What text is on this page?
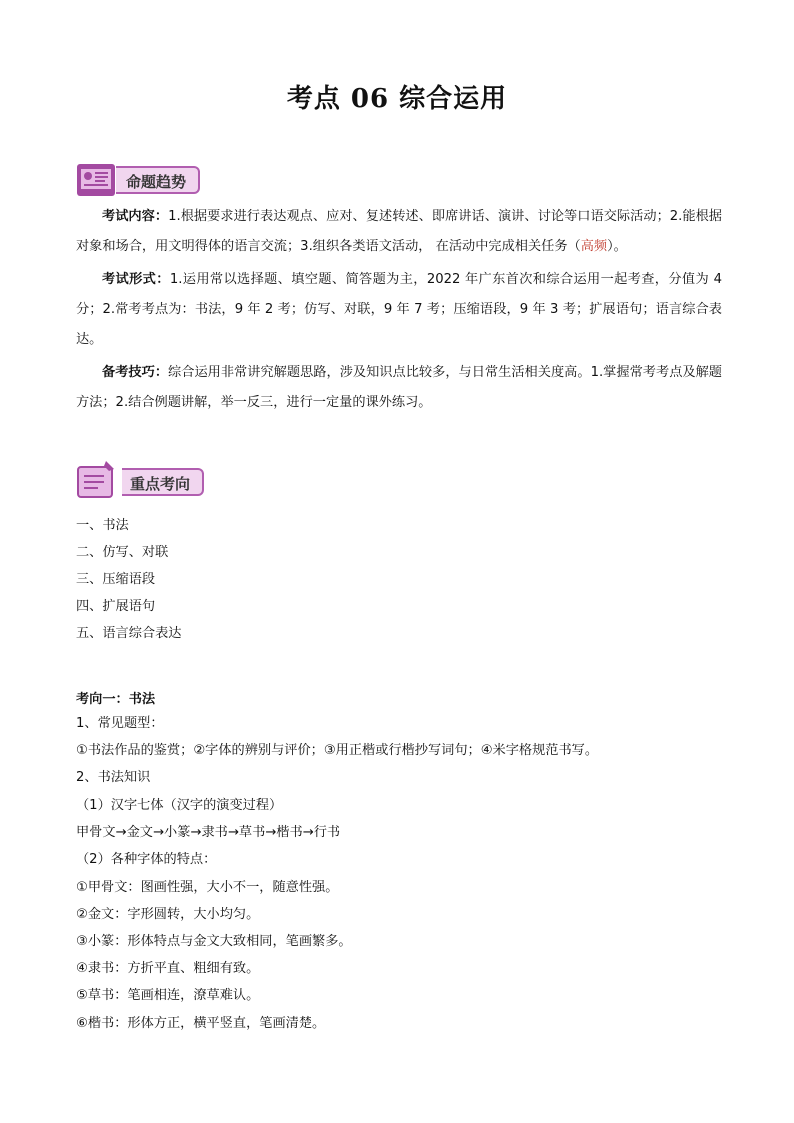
考点 06 综合运用
命题趋势
考试内容：1.根据要求进行表达观点、应对、复述转述、即席讲话、演讲、讨论等口语交际活动；2.能根据对象和场合，用文明得体的语言交流；3.组织各类语文活动， 在活动中完成相关任务（高频）。
考试形式：1.运用常以选择题、填空题、简答题为主，2022 年广东首次和综合运用一起考查，分值为 4分；2.常考考点为：书法，9 年 2 考；仿写、对联，9 年 7 考；压缩语段，9 年 3 考；扩展语句；语言综合表达。
备考技巧：综合运用非常讲究解题思路，涉及知识点比较多，与日常生活相关度高。1.掌握常考考点及解题方法；2.结合例题讲解，举一反三，进行一定量的课外练习。
重点考向
一、书法
二、仿写、对联
三、压缩语段
四、扩展语句
五、语言综合表达
考向一：书法
1、常见题型：
①书法作品的鉴赏；②字体的辨别与评价；③用正楷或行楷抄写词句；④米字格规范书写。
2、书法知识
（1）汉字七体（汉字的演变过程）
甲骨文→金文→小篆→隶书→草书→楷书→行书
（2）各种字体的特点：
①甲骨文：图画性强，大小不一，随意性强。
②金文：字形圆转，大小均匀。
③小篆：形体特点与金文大致相同，笔画繁多。
④隶书：方折平直、粗细有致。
⑤草书：笔画相连，潦草难认。
⑥楷书：形体方正，横平竖直，笔画清楚。
